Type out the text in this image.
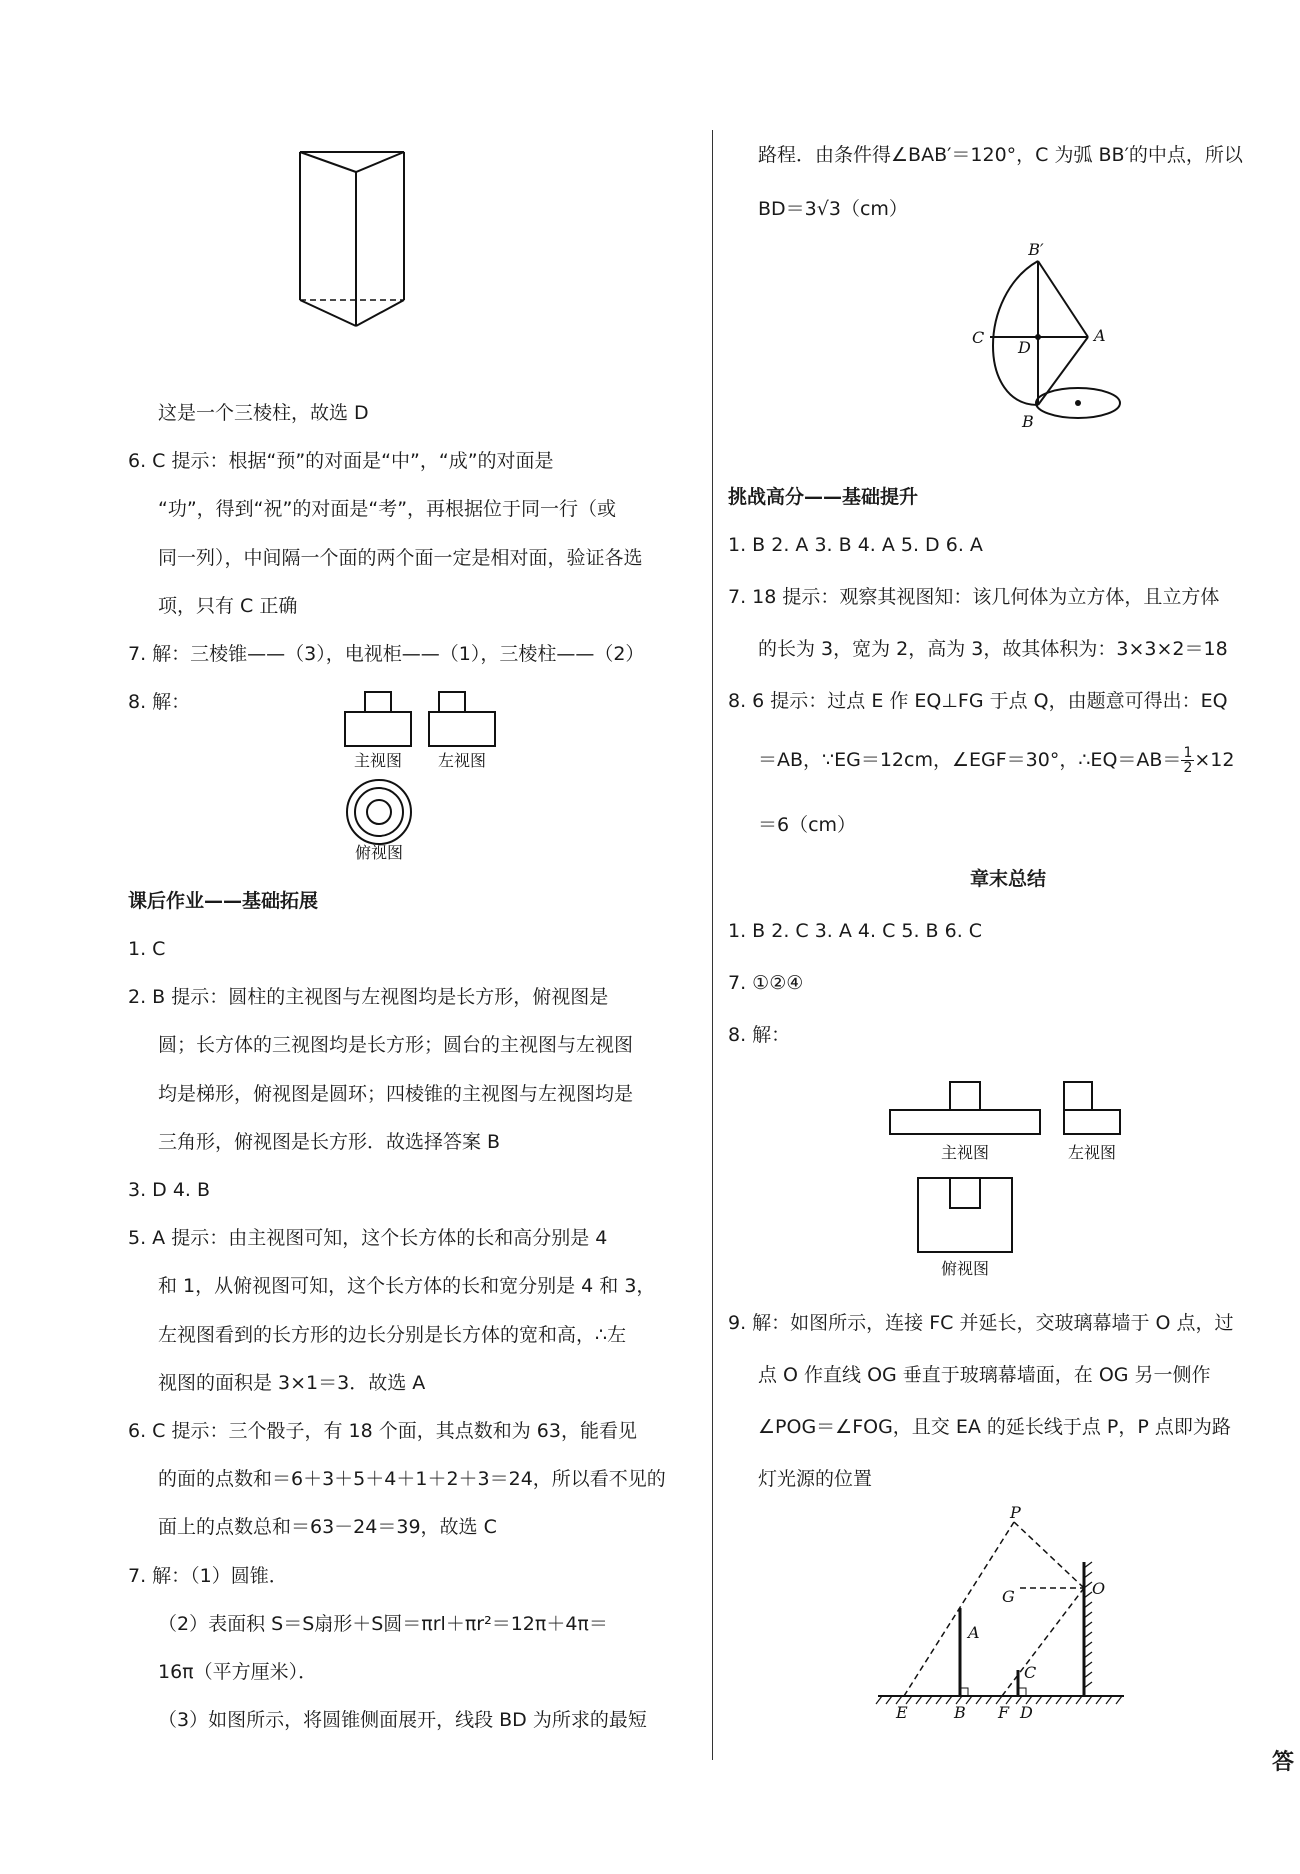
这是一个三棱柱，故选 D
6. C 提示：根据“预”的对面是“中”，“成”的对面是
“功”，得到“祝”的对面是“考”，再根据位于同一行（或
同一列），中间隔一个面的两个面一定是相对面，验证各选
项，只有 C 正确
7. 解：三棱锥——（3），电视柜——（1），三棱柱——（2）
8. 解：
主视图 左视图
俯视图
课后作业——基础拓展
1. C
2. B 提示：圆柱的主视图与左视图均是长方形，俯视图是
圆；长方体的三视图均是长方形；圆台的主视图与左视图
均是梯形，俯视图是圆环；四棱锥的主视图与左视图均是
三角形，俯视图是长方形．故选择答案 B
3. D 4. B
5. A 提示：由主视图可知，这个长方体的长和高分别是 4
和 1，从俯视图可知，这个长方体的长和宽分别是 4 和 3，
左视图看到的长方形的边长分别是长方体的宽和高，∴左
视图的面积是 3×1＝3．故选 A
6. C 提示：三个骰子，有 18 个面，其点数和为 63，能看见
的面的点数和＝6＋3＋5＋4＋1＋2＋3＝24，所以看不见的
面上的点数总和＝63－24＝39，故选 C
7. 解：（1）圆锥．
（2）表面积 S＝S扇形＋S圆＝πrl＋πr²＝12π＋4π＝
16π（平方厘米）．
（3）如图所示，将圆锥侧面展开，线段 BD 为所求的最短
路程．由条件得∠BAB′＝120°，C 为弧 BB′的中点，所以
BD＝3√3（cm）
B′
A
C
D
B
挑战高分——基础提升
1. B 2. A 3. B 4. A 5. D 6. A
7. 18 提示：观察其视图知：该几何体为立方体，且立方体
的长为 3，宽为 2，高为 3，故其体积为：3×3×2＝18
8. 6 提示：过点 E 作 EQ⊥FG 于点 Q，由题意可得出：EQ
＝AB，∵EG＝12cm，∠EGF＝30°，∴EQ＝AB＝ $\frac{1}{2} \times 12$
＝6（cm）
章末总结
1. B 2. C 3. A 4. C 5. B 6. C
7. ①②④
8. 解：
主视图	左视图
俯视图
9. 解：如图所示，连接 FC 并延长，交玻璃幕墙于 O 点，过
点 O 作直线 OG 垂直于玻璃幕墙面，在 OG 另一侧作
∠POG＝∠FOG，且交 EA 的延长线于点 P，P 点即为路
灯光源的位置
P
G	O
A
C
E	B F D
答
